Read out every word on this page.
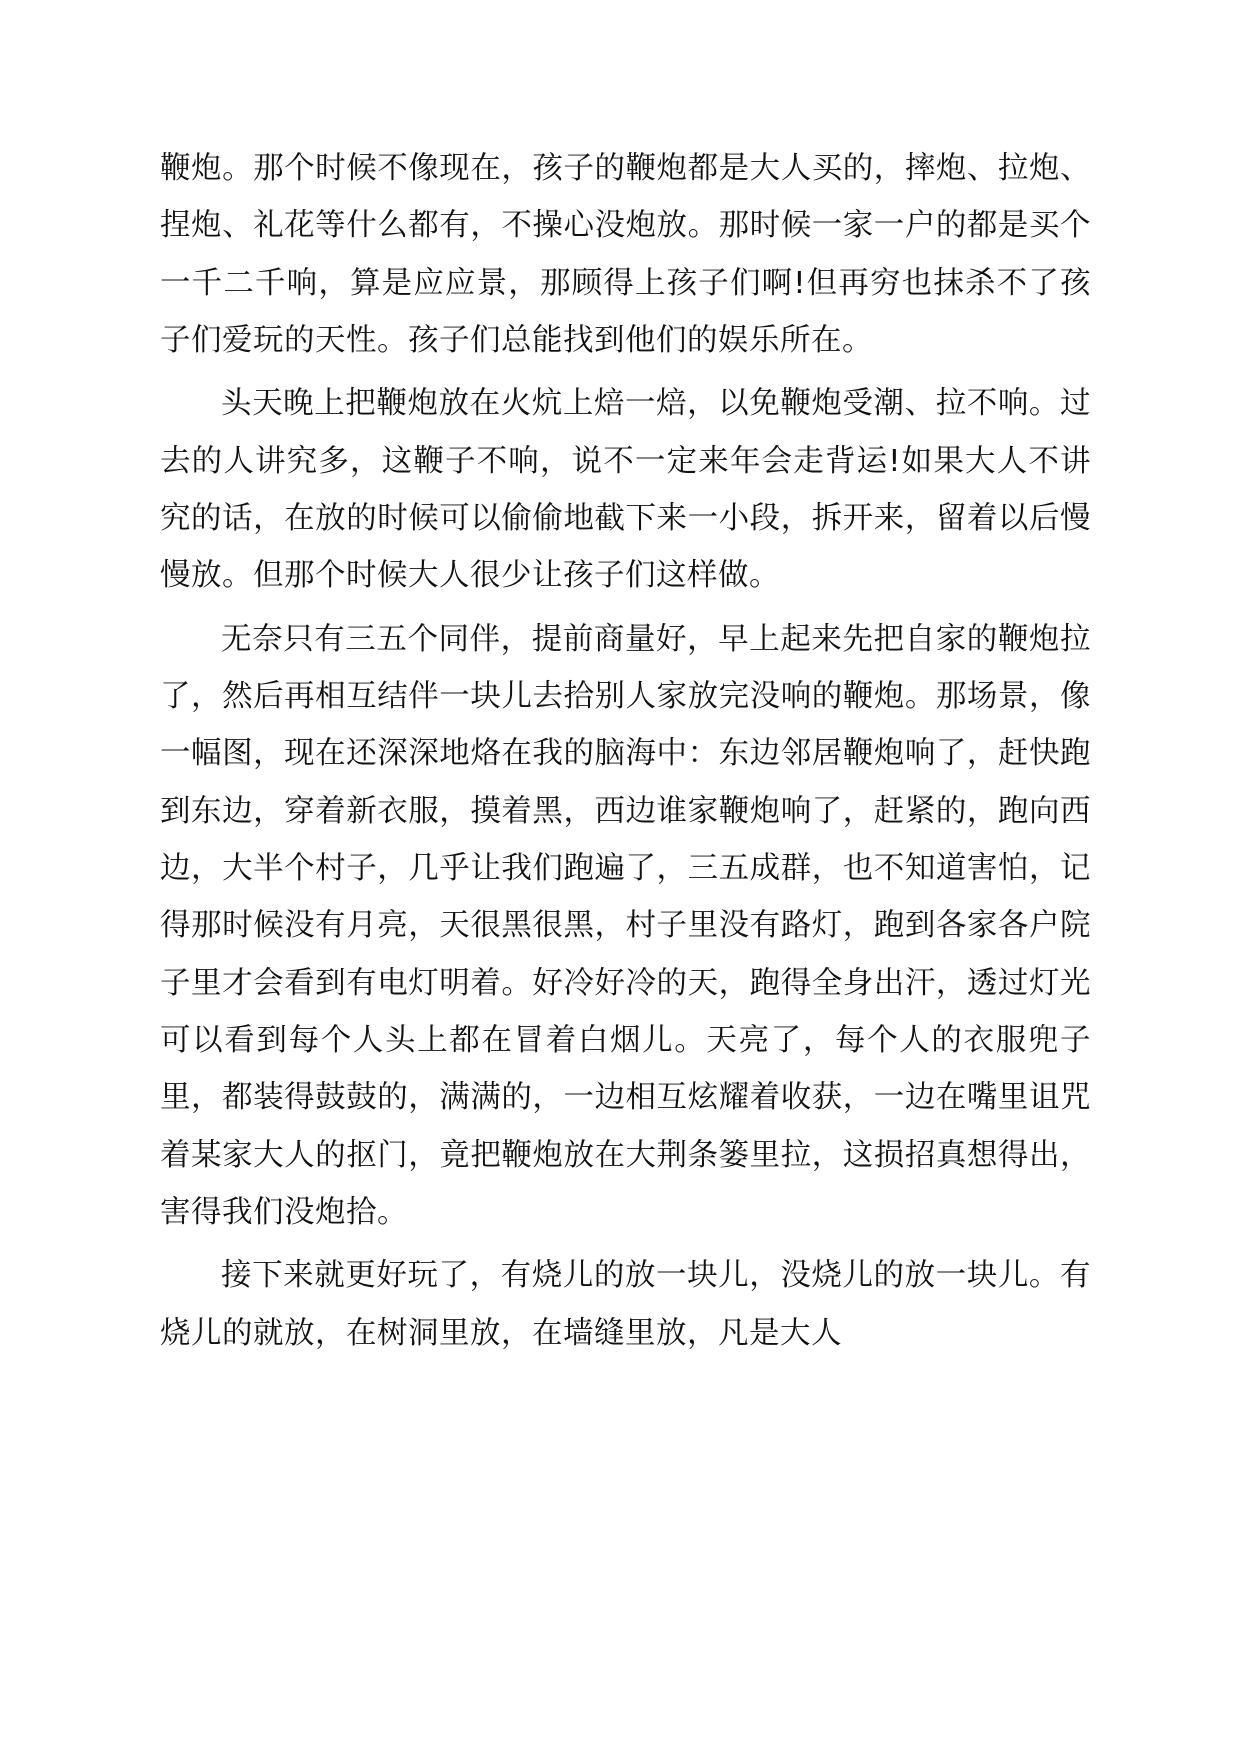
鞭炮。那个时候不像现在，孩子的鞭炮都是大人买的，摔炮、拉炮、捏炮、礼花等什么都有，不操心没炮放。那时候一家一户的都是买个一千二千响，算是应应景，那顾得上孩子们啊!但再穷也抹杀不了孩子们爱玩的天性。孩子们总能找到他们的娱乐所在。

头天晚上把鞭炮放在火炕上焙一焙，以免鞭炮受潮、拉不响。过去的人讲究多，这鞭子不响，说不一定来年会走背运!如果大人不讲究的话，在放的时候可以偷偷地截下来一小段，拆开来，留着以后慢慢放。但那个时候大人很少让孩子们这样做。

无奈只有三五个同伴，提前商量好，早上起来先把自家的鞭炮拉了，然后再相互结伴一块儿去拾别人家放完没响的鞭炮。那场景，像一幅图，现在还深深地烙在我的脑海中：东边邻居鞭炮响了，赶快跑到东边，穿着新衣服，摸着黑，西边谁家鞭炮响了，赶紧的，跑向西边，大半个村子，几乎让我们跑遍了，三五成群，也不知道害怕，记得那时候没有月亮，天很黑很黑，村子里没有路灯，跑到各家各户院子里才会看到有电灯明着。好冷好冷的天，跑得全身出汗，透过灯光可以看到每个人头上都在冒着白烟儿。天亮了，每个人的衣服兜子里，都装得鼓鼓的，满满的，一边相互炫耀着收获，一边在嘴里诅咒着某家大人的抠门，竟把鞭炮放在大荆条篓里拉，这损招真想得出，害得我们没炮拾。

接下来就更好玩了，有烧儿的放一块儿，没烧儿的放一块儿。有烧儿的就放，在树洞里放，在墙缝里放，凡是大人
